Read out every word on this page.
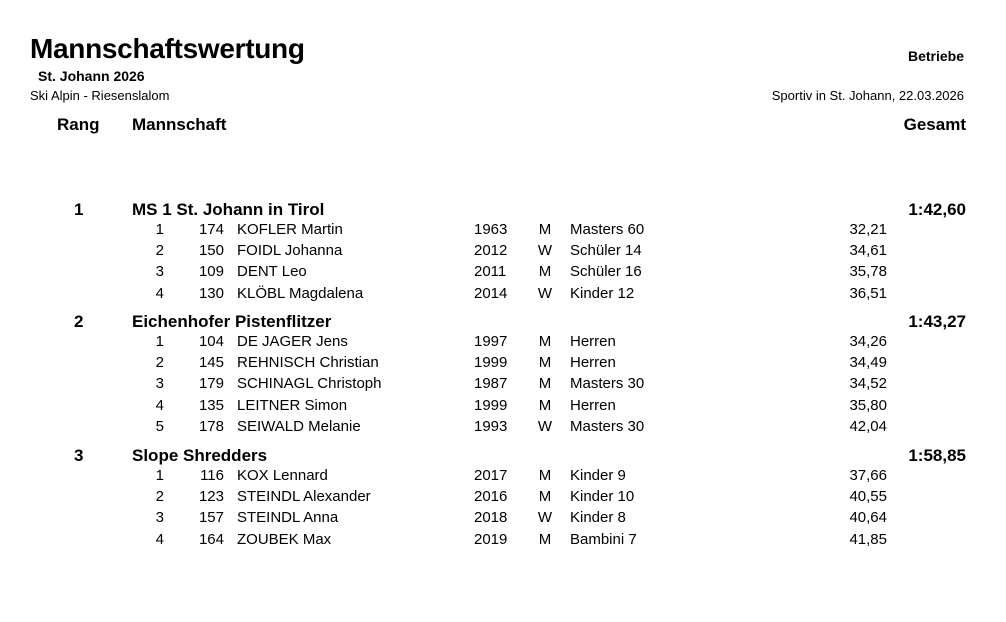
Mannschaftswertung
St. Johann 2026
Ski Alpin - Riesenslalom
Betriebe
Sportiv in St. Johann, 22.03.2026
Rang Mannschaft	Gesamt
1	MS 1 St. Johann in Tirol	1:42,60
1	174 KOFLER Martin	1963 M Masters 60	32,21
2	150 FOIDL Johanna	2012 W Schüler 14	34,61
3	109 DENT Leo	2011 M Schüler 16	35,78
4	130 KLÖBL Magdalena	2014 W Kinder 12	36,51
2	Eichenhofer Pistenflitzer	1:43,27
1	104 DE JAGER Jens	1997 M Herren	34,26
2	145 REHNISCH Christian	1999 M Herren	34,49
3	179 SCHINAGL Christoph	1987 M Masters 30	34,52
4	135 LEITNER Simon	1999 M Herren	35,80
5	178 SEIWALD Melanie	1993 W Masters 30	42,04
3	Slope Shredders	1:58,85
1	116 KOX Lennard	2017 M Kinder 9	37,66
2	123 STEINDL Alexander	2016 M Kinder 10	40,55
3	157 STEINDL Anna	2018 W Kinder 8	40,64
4	164 ZOUBEK Max	2019 M Bambini 7	41,85
